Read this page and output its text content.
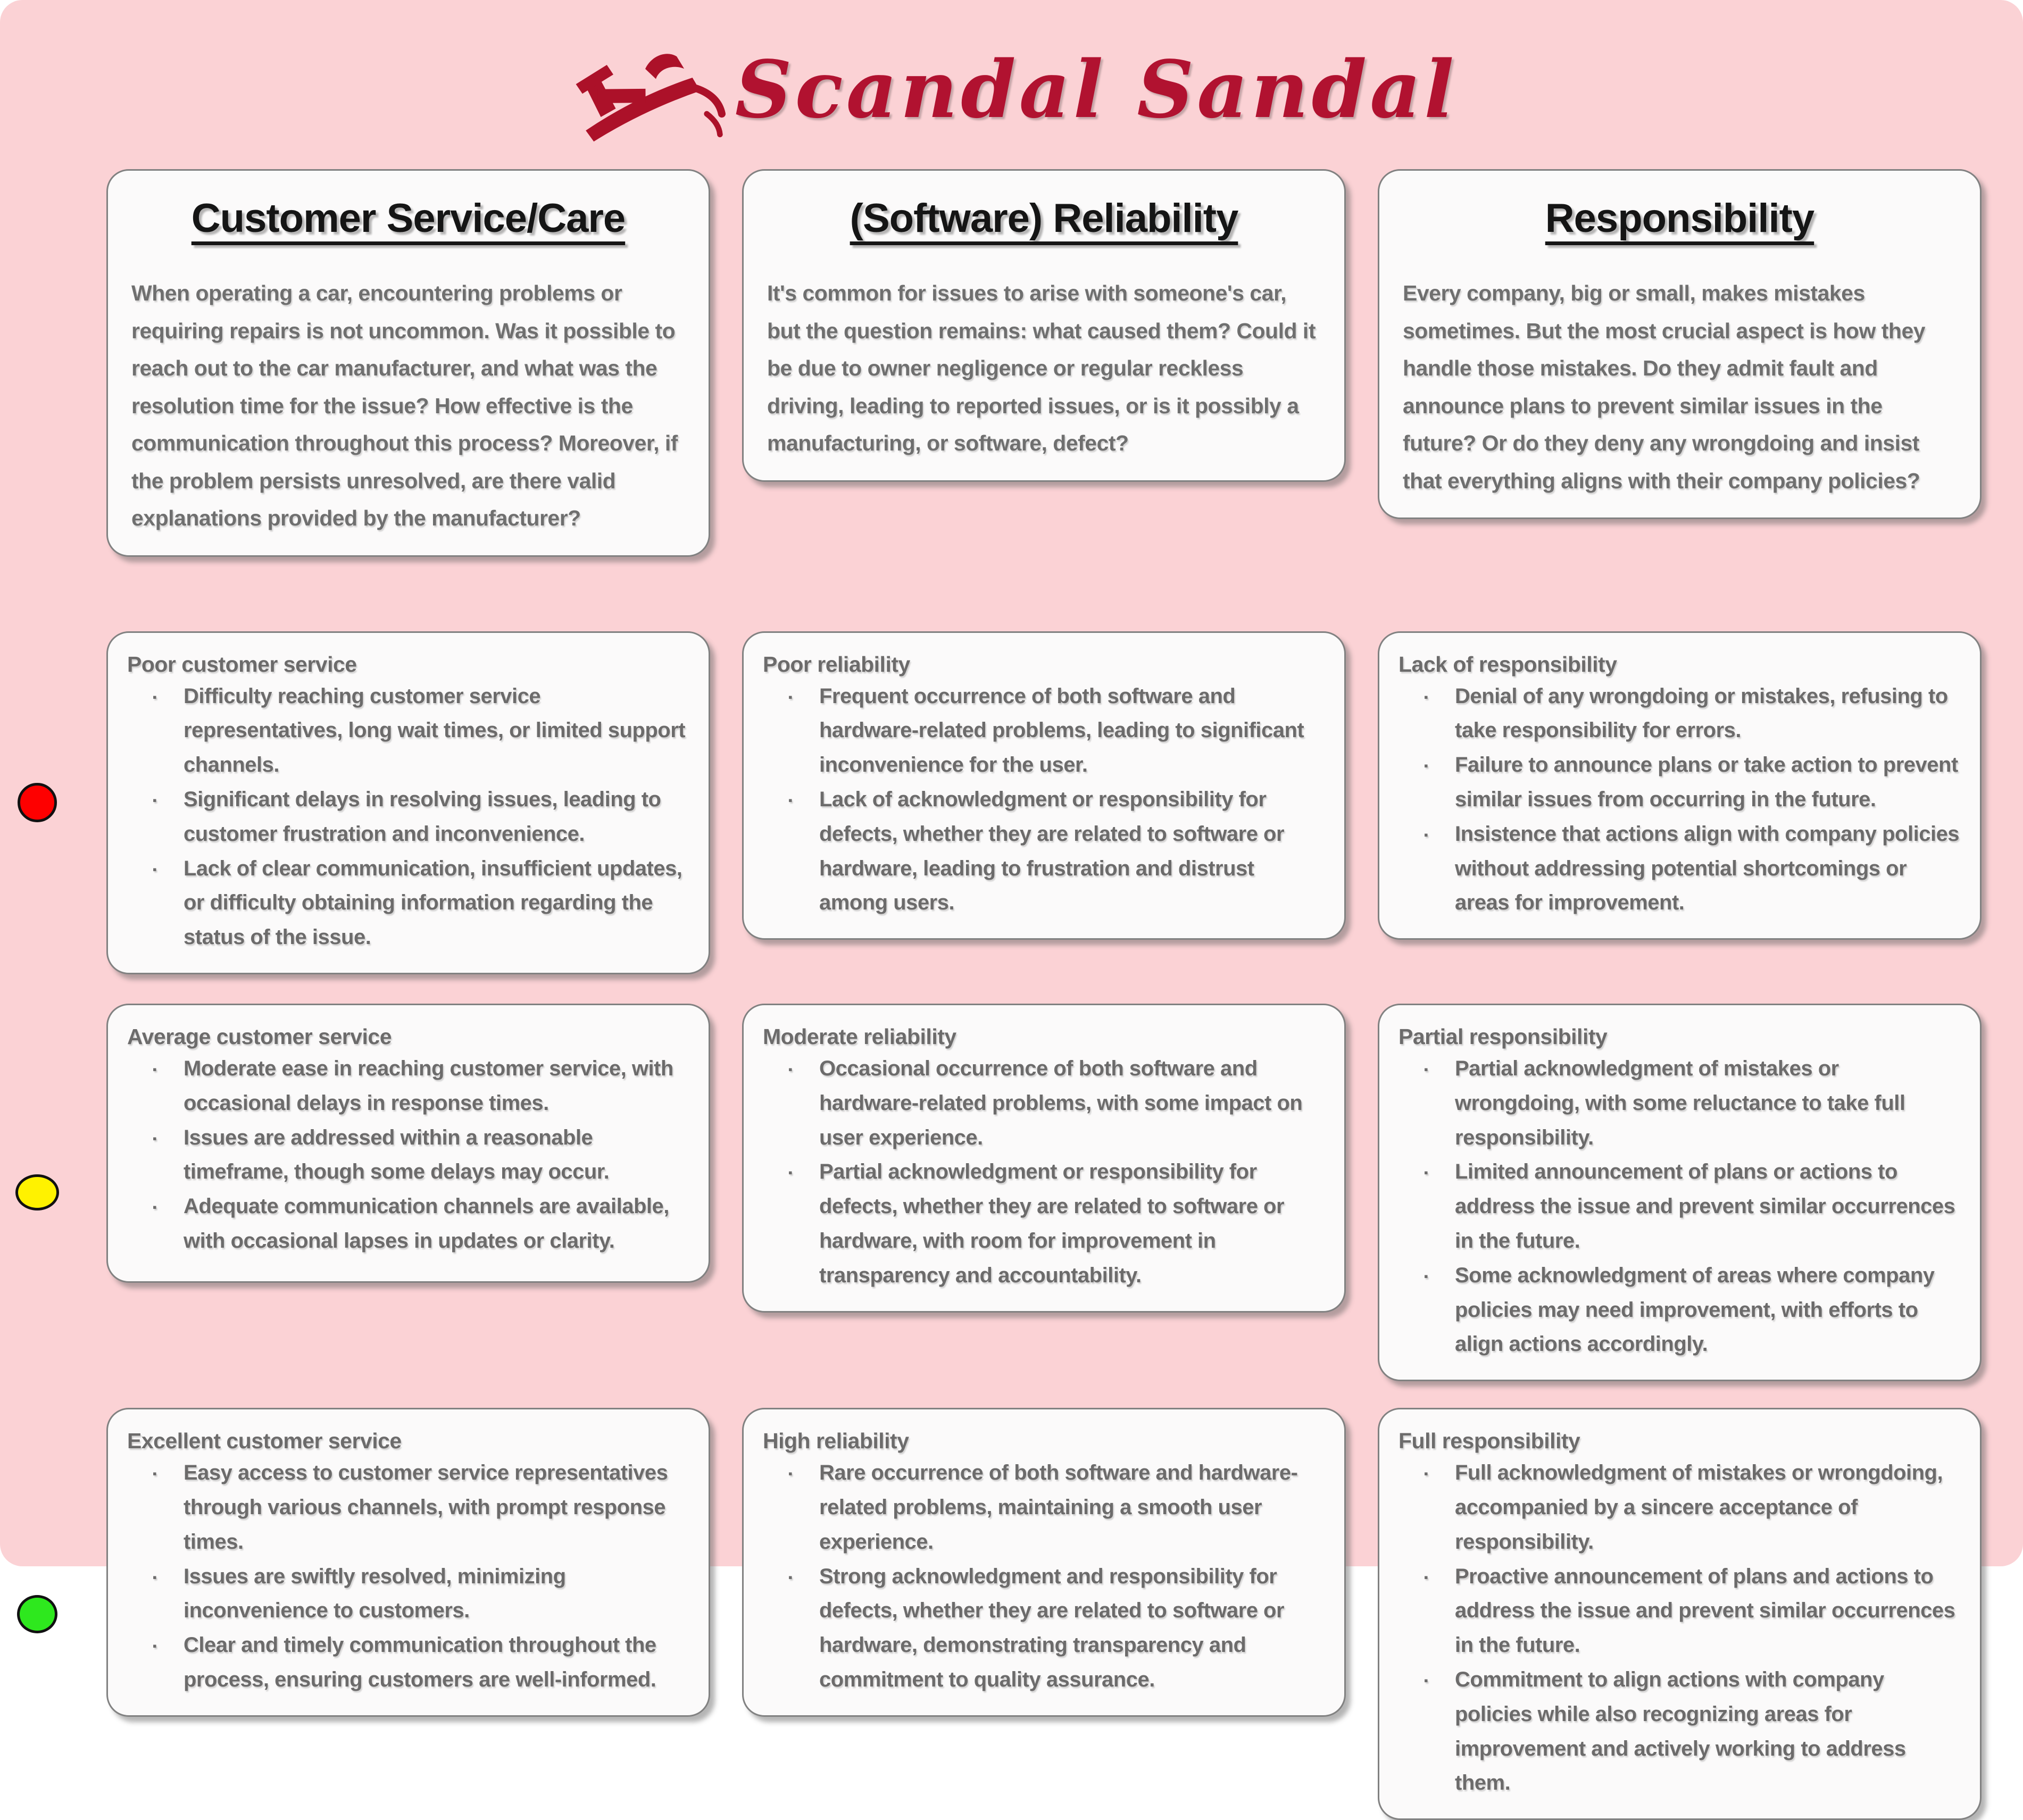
Scandal Sandal
Customer Service/Care

When operating a car, encountering problems or requiring repairs is not uncommon. Was it possible to reach out to the car manufacturer, and what was the resolution time for the issue? How effective is the communication throughout this process? Moreover, if the problem persists unresolved, are there valid explanations provided by the manufacturer?

(Software) Reliability

It's common for issues to arise with someone's car, but the question remains: what caused them? Could it be due to owner negligence or regular reckless driving, leading to reported issues, or is it possibly a manufacturing, or software, defect?

Responsibility

Every company, big or small, makes mistakes sometimes. But the most crucial aspect is how they handle those mistakes. Do they admit fault and announce plans to prevent similar issues in the future? Or do they deny any wrongdoing and insist that everything aligns with their company policies?

Poor customer service
▪
Difficulty reaching customer service representatives, long wait times, or limited support channels.
▪
Significant delays in resolving issues, leading to customer frustration and inconvenience.
▪
Lack of clear communication, insufficient updates, or difficulty obtaining information regarding the status of the issue.
Poor reliability
▪
Frequent occurrence of both software and hardware-related problems, leading to significant inconvenience for the user.
▪
Lack of acknowledgment or responsibility for defects, whether they are related to software or hardware, leading to frustration and distrust among users.
Lack of responsibility
▪
Denial of any wrongdoing or mistakes, refusing to take responsibility for errors.
▪
Failure to announce plans or take action to prevent similar issues from occurring in the future.
▪
Insistence that actions align with company policies without addressing potential shortcomings or areas for improvement.
Average customer service
▪
Moderate ease in reaching customer service, with occasional delays in response times.
▪
Issues are addressed within a reasonable timeframe, though some delays may occur.
▪
Adequate communication channels are available, with occasional lapses in updates or clarity.
Moderate reliability
▪
Occasional occurrence of both software and hardware-related problems, with some impact on user experience.
▪
Partial acknowledgment or responsibility for defects, whether they are related to software or hardware, with room for improvement in transparency and accountability.
Partial responsibility
▪
Partial acknowledgment of mistakes or wrongdoing, with some reluctance to take full responsibility.
▪
Limited announcement of plans or actions to address the issue and prevent similar occurrences in the future.
▪
Some acknowledgment of areas where company policies may need improvement, with efforts to align actions accordingly.
Excellent customer service
▪
Easy access to customer service representatives through various channels, with prompt response times.
▪
Issues are swiftly resolved, minimizing inconvenience to customers.
▪
Clear and timely communication throughout the process, ensuring customers are well-informed.
High reliability
▪
Rare occurrence of both software and hardware-related problems, maintaining a smooth user experience.
▪
Strong acknowledgment and responsibility for defects, whether they are related to software or hardware, demonstrating transparency and commitment to quality assurance.
Full responsibility
▪
Full acknowledgment of mistakes or wrongdoing, accompanied by a sincere acceptance of responsibility.
▪
Proactive announcement of plans and actions to address the issue and prevent similar occurrences in the future.
▪
Commitment to align actions with company policies while also recognizing areas for improvement and actively working to address them.
